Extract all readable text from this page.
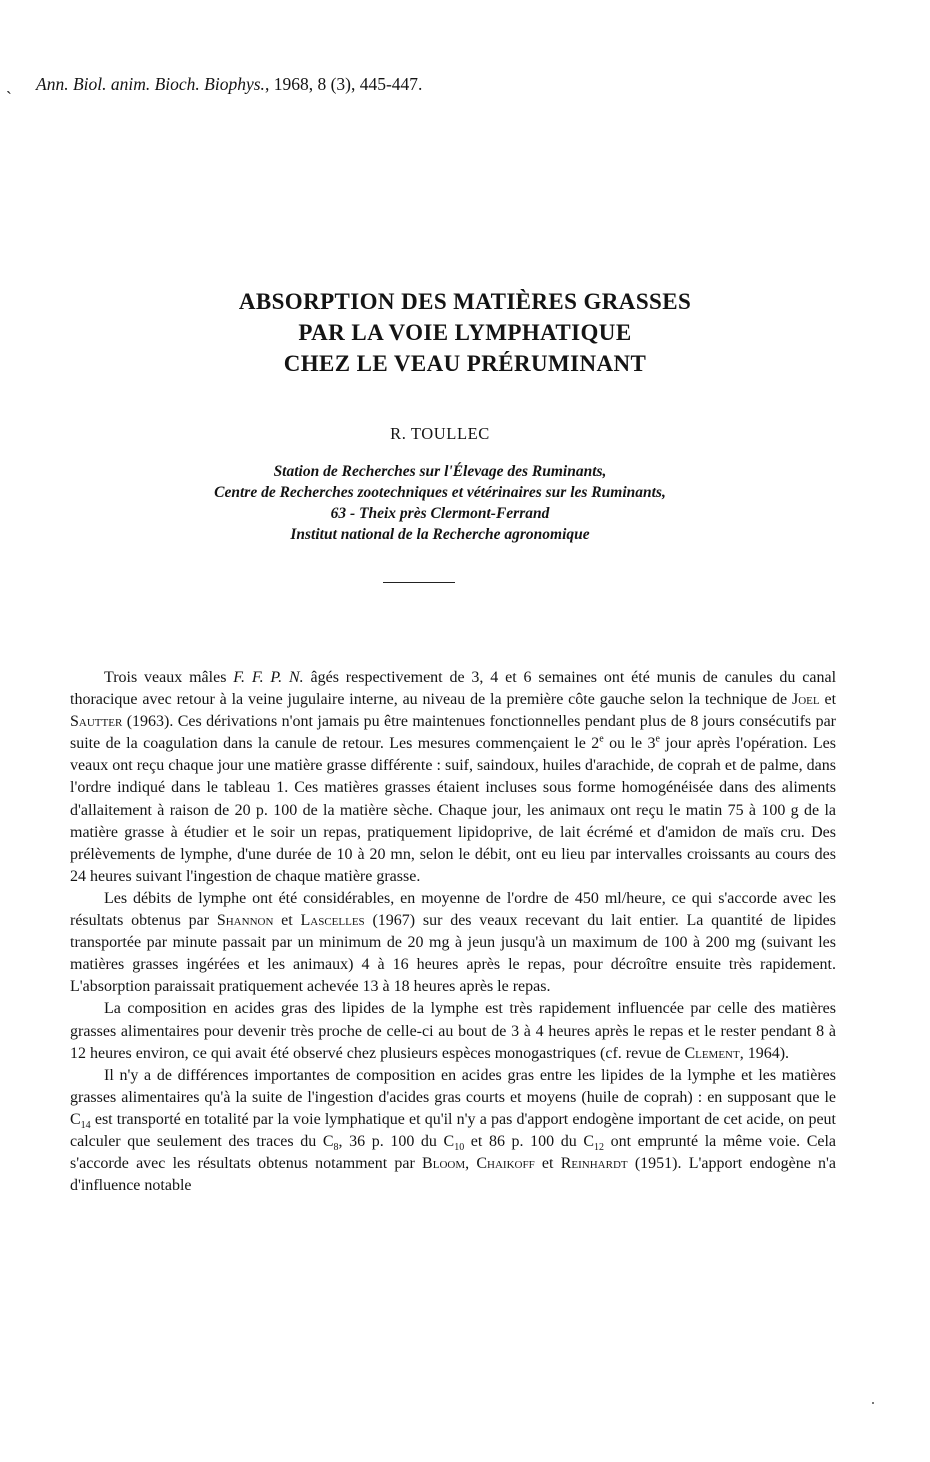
ˏ Ann. Biol. anim. Bioch. Biophys., 1968, 8 (3), 445-447.
ABSORPTION DES MATIÈRES GRASSES
PAR LA VOIE LYMPHATIQUE
CHEZ LE VEAU PRÉRUMINANT
R. TOULLEC
Station de Recherches sur l'Élevage des Ruminants,
Centre de Recherches zootechniques et vétérinaires sur les Ruminants,
63 - Theix près Clermont-Ferrand
Institut national de la Recherche agronomique

Trois veaux mâles F. F. P. N. âgés respectivement de 3, 4 et 6 semaines ont été munis de canules du canal thoracique avec retour à la veine jugulaire interne, au niveau de la première côte gauche selon la technique de Joel et Sautter (1963). Ces dérivations n'ont jamais pu être maintenues fonctionnelles pendant plus de 8 jours consécutifs par suite de la coagulation dans la canule de retour. Les mesures commençaient le 2e ou le 3e jour après l'opération. Les veaux ont reçu chaque jour une matière grasse différente : suif, saindoux, huiles d'arachide, de coprah et de palme, dans l'ordre indiqué dans le tableau 1. Ces matières grasses étaient incluses sous forme homogénéisée dans des aliments d'allaitement à raison de 20 p. 100 de la matière sèche. Chaque jour, les animaux ont reçu le matin 75 à 100 g de la matière grasse à étudier et le soir un repas, pratiquement lipidoprive, de lait écrémé et d'amidon de maïs cru. Des prélèvements de lymphe, d'une durée de 10 à 20 mn, selon le débit, ont eu lieu par intervalles croissants au cours des 24 heures suivant l'ingestion de chaque matière grasse.

Les débits de lymphe ont été considérables, en moyenne de l'ordre de 450 ml/heure, ce qui s'accorde avec les résultats obtenus par Shannon et Lascelles (1967) sur des veaux recevant du lait entier. La quantité de lipides transportée par minute passait par un minimum de 20 mg à jeun jusqu'à un maximum de 100 à 200 mg (suivant les matières grasses ingérées et les animaux) 4 à 16 heures après le repas, pour décroître ensuite très rapidement. L'absorption paraissait pratiquement achevée 13 à 18 heures après le repas.

La composition en acides gras des lipides de la lymphe est très rapidement influencée par celle des matières grasses alimentaires pour devenir très proche de celle-ci au bout de 3 à 4 heures après le repas et le rester pendant 8 à 12 heures environ, ce qui avait été observé chez plusieurs espèces monogastriques (cf. revue de Clement, 1964).

Il n'y a de différences importantes de composition en acides gras entre les lipides de la lymphe et les matières grasses alimentaires qu'à la suite de l'ingestion d'acides gras courts et moyens (huile de coprah) : en supposant que le $C_{14}$ est transporté en totalité par la voie lymphatique et qu'il n'y a pas d'apport endogène important de cet acide, on peut calculer que seulement des traces du $C_8$, 36 p. 100 du $C_{10}$ et 86 p. 100 du $C_{12}$ ont emprunté la même voie. Cela s'accorde avec les résultats obtenus notamment par Bloom, Chaikoff et Reinhardt (1951). L'apport endogène n'a d'influence notable
